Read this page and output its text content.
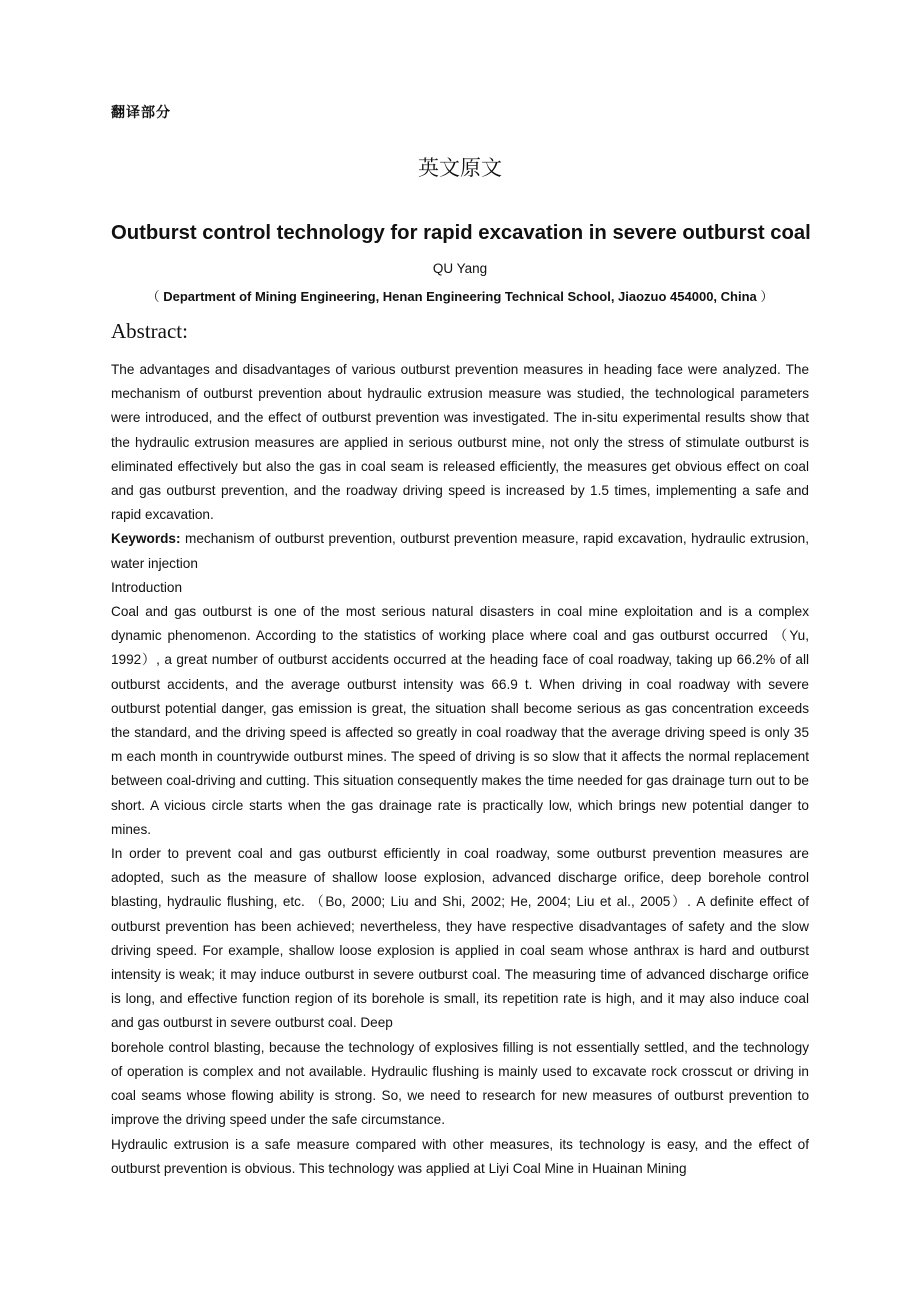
翻译部分
英文原文
Outburst control technology for rapid excavation in severe outburst coal
QU Yang
（ Department of Mining Engineering, Henan Engineering Technical School, Jiaozuo 454000, China ）
Abstract:

The advantages and disadvantages of various outburst prevention measures in heading face were analyzed. The mechanism of outburst prevention about hydraulic extrusion measure was studied, the technological parameters were introduced, and the effect of outburst prevention was investigated. The in-situ experimental results show that the hydraulic extrusion measures are applied in serious outburst mine, not only the stress of stimulate outburst is eliminated effectively but also the gas in coal seam is released efficiently, the measures get obvious effect on coal and gas outburst prevention, and the roadway driving speed is increased by 1.5 times, implementing a safe and rapid excavation.

Keywords: mechanism of outburst prevention, outburst prevention measure, rapid excavation, hydraulic extrusion, water injection

Introduction

Coal and gas outburst is one of the most serious natural disasters in coal mine exploitation and is a complex dynamic phenomenon. According to the statistics of working place where coal and gas outburst occurred （Yu, 1992）, a great number of outburst accidents occurred at the heading face of coal roadway, taking up 66.2% of all outburst accidents, and the average outburst intensity was 66.9 t. When driving in coal roadway with severe outburst potential danger, gas emission is great, the situation shall become serious as gas concentration exceeds the standard, and the driving speed is affected so greatly in coal roadway that the average driving speed is only 35 m each month in countrywide outburst mines. The speed of driving is so slow that it affects the normal replacement between coal-driving and cutting. This situation consequently makes the time needed for gas drainage turn out to be short. A vicious circle starts when the gas drainage rate is practically low, which brings new potential danger to mines.

In order to prevent coal and gas outburst efficiently in coal roadway, some outburst prevention measures are adopted, such as the measure of shallow loose explosion, advanced discharge orifice, deep borehole control blasting, hydraulic flushing, etc. （Bo, 2000; Liu and Shi, 2002; He, 2004; Liu et al., 2005）. A definite effect of outburst prevention has been achieved; nevertheless, they have respective disadvantages of safety and the slow driving speed. For example, shallow loose explosion is applied in coal seam whose anthrax is hard and outburst intensity is weak; it may induce outburst in severe outburst coal. The measuring time of advanced discharge orifice is long, and effective function region of its borehole is small, its repetition rate is high, and it may also induce coal and gas outburst in severe outburst coal. Deep

borehole control blasting, because the technology of explosives filling is not essentially settled, and the technology of operation is complex and not available. Hydraulic flushing is mainly used to excavate rock crosscut or driving in coal seams whose flowing ability is strong. So, we need to research for new measures of outburst prevention to improve the driving speed under the safe circumstance.

Hydraulic extrusion is a safe measure compared with other measures, its technology is easy, and the effect of outburst prevention is obvious. This technology was applied at Liyi Coal Mine in Huainan Mining
